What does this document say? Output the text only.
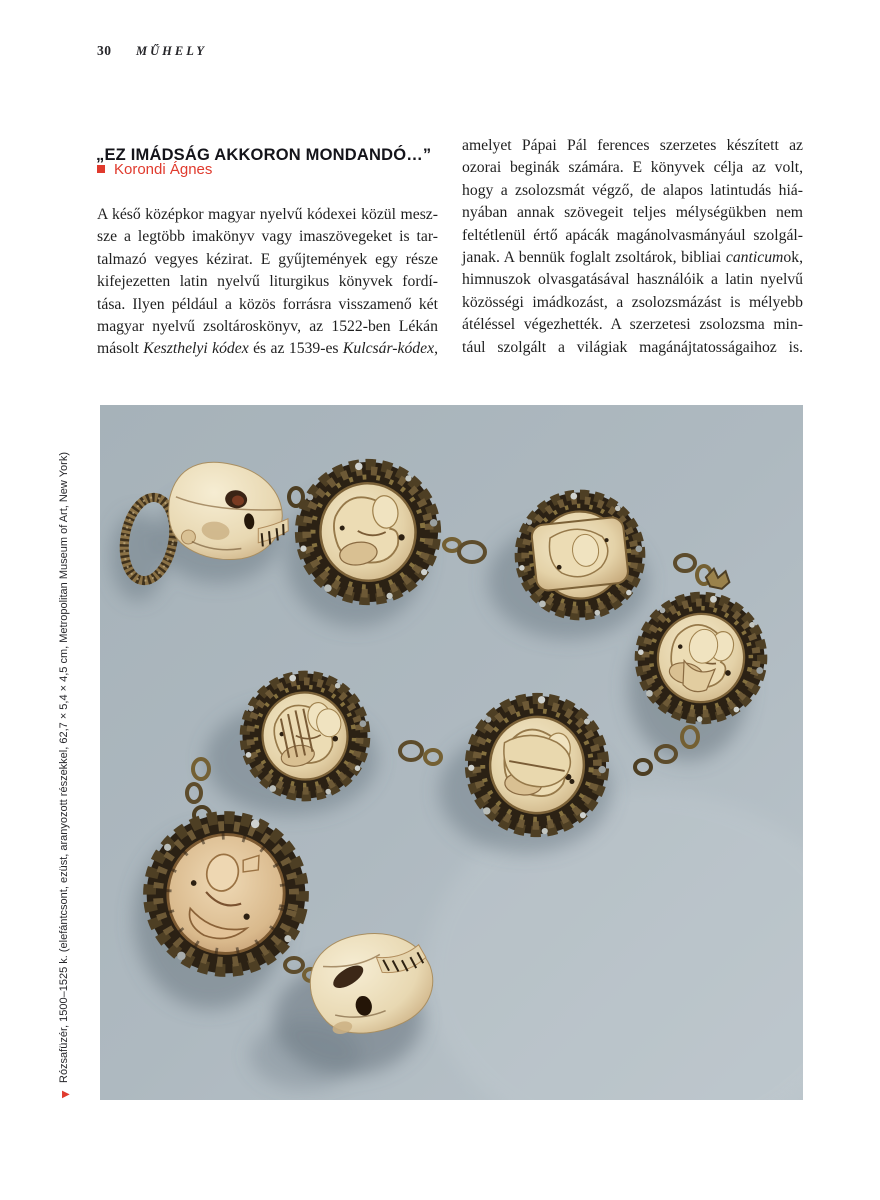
30 MŰHELY
„EZ IMÁDSÁG AKKORON MONDANDÓ…”
Korondi Ágnes
A késő középkor magyar nyelvű kódexei közül mesz-
sze a legtöbb imakönyv vagy imaszövegeket is tar-
talmazó vegyes kézirat. E gyűjtemények egy része
kifejezetten latin nyelvű liturgikus könyvek fordí-
tása. Ilyen például a közös forrásra visszamenő két
magyar nyelvű zsoltároskönyv, az 1522-ben Lékán
másolt Keszthelyi kódex és az 1539-es Kulcsár-kódex,
amelyet Pápai Pál ferences szerzetes készített az
ozorai beginák számára. E könyvek célja az volt,
hogy a zsolozsmát végző, de alapos latintudás hiá-
nyában annak szövegeit teljes mélységükben nem
feltétlenül értő apácák magánolvasmányául szolgál-
janak. A bennük foglalt zsoltárok, bibliai canticumok,
himnuszok olvasgatásával használóik a latin nyelvű
közösségi imádkozást, a zsolozsmázást is mélyebb
átéléssel végezhették. A szerzetesi zsolozsma min-
tául szolgált a világiak magánájtatosságaihoz is.
▶
Rózsafüzér, 1500–1525 k. (elefántcsont, ezüst, aranyozott részekkel, 62,7 × 5,4 × 4,5 cm, Metropolitan Museum of Art, New York)
